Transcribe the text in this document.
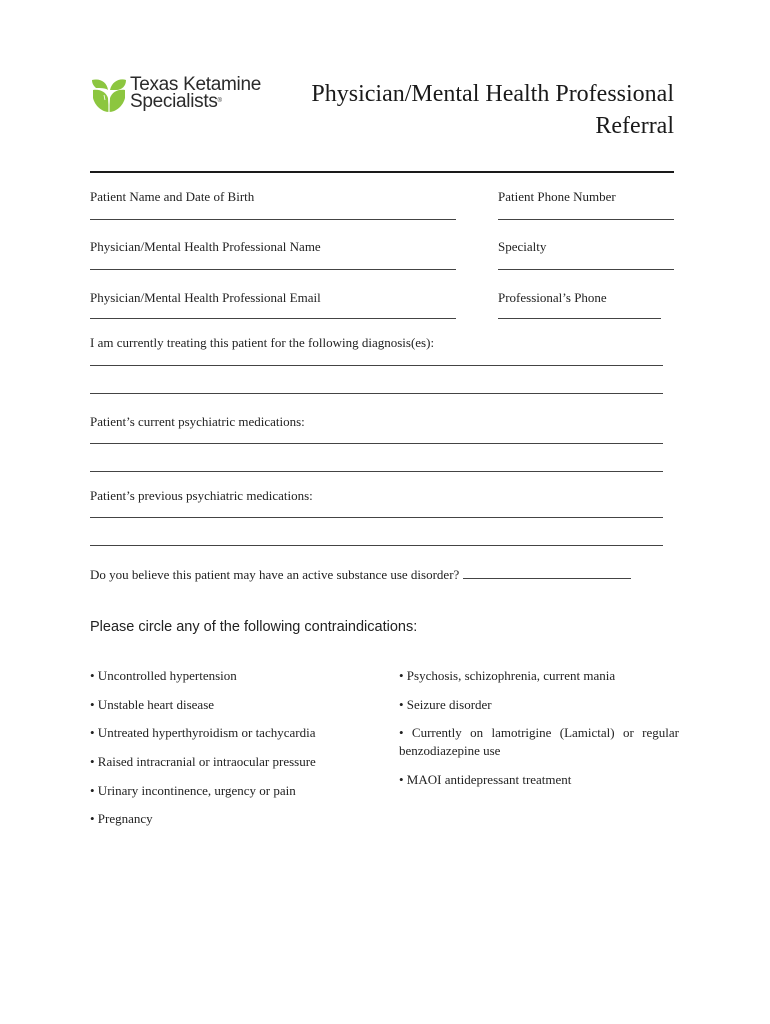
Texas Ketamine
Specialists®	Physician/Mental Health Professional
Referral
Patient Name and Date of Birth	Patient Phone Number
Physician/Mental Health Professional Name	Specialty
Physician/Mental Health Professional Email	Professional’s Phone
I am currently treating this patient for the following diagnosis(es):
Patient’s current psychiatric medications:
Patient’s previous psychiatric medications:
Do you believe this patient may have an active substance use disorder?
Please circle any of the following contraindications:
• Uncontrolled hypertension
• Unstable heart disease
• Untreated hyperthyroidism or tachycardia
• Raised intracranial or intraocular pressure
• Urinary incontinence, urgency or pain
• Pregnancy
• Psychosis, schizophrenia, current mania
• Seizure disorder
• Currently on lamotrigine (Lamictal) or regular benzodiazepine use
• MAOI antidepressant treatment
